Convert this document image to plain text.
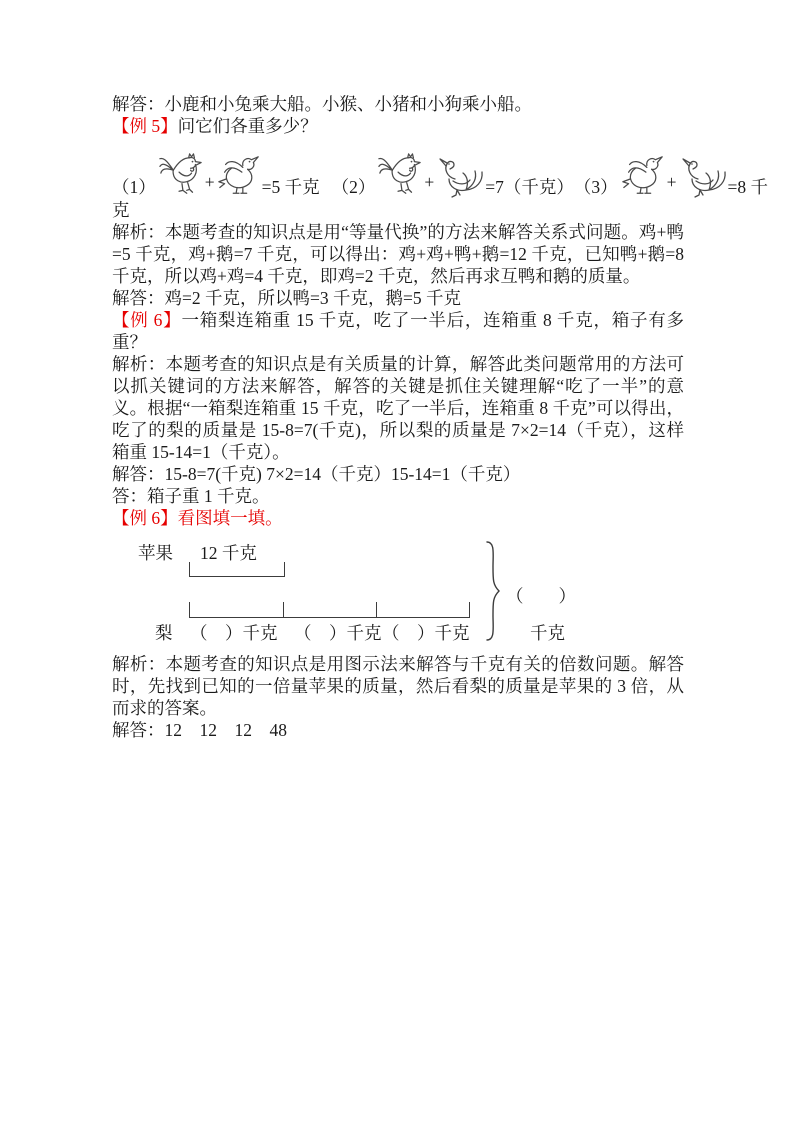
解答：小鹿和小兔乘大船。小猴、小猪和小狗乘小船。

【例 5】问它们各重多少？

（1）	+	=5 千克 （2）	+	=7（千克） （3）	+	=8 千

克

解析：本题考查的知识点是用“等量代换”的方法来解答关系式问题。鸡+鸭=5 千克，鸡+鹅=7 千克，可以得出：鸡+鸡+鸭+鹅=12 千克，已知鸭+鹅=8 千克，所以鸡+鸡=4 千克，即鸡=2 千克，然后再求互鸭和鹅的质量。

解答：鸡=2 千克，所以鸭=3 千克，鹅=5 千克

【例 6】一箱梨连箱重 15 千克，吃了一半后，连箱重 8 千克，箱子有多重？

解析：本题考查的知识点是有关质量的计算，解答此类问题常用的方法可以抓关键词的方法来解答，解答的关键是抓住关键理解“吃了一半”的意义。根据“一箱梨连箱重 15 千克，吃了一半后，连箱重 8 千克”可以得出，吃了的梨的质量是 15-8=7(千克)，所以梨的质量是 7×2=14（千克），这样箱重 15-14=1（千克）。

解答：15-8=7(千克) 7×2=14（千克）15-14=1（千克）

答：箱子重 1 千克。

【例 6】看图填一填。

苹果 12 千克
梨 （　）千克 （　）千克 （　）千克
（　　）
千克

解析：本题考查的知识点是用图示法来解答与千克有关的倍数问题。解答时，先找到已知的一倍量苹果的质量，然后看梨的质量是苹果的 3 倍，从而求的答案。

解答：12　12　12　48
